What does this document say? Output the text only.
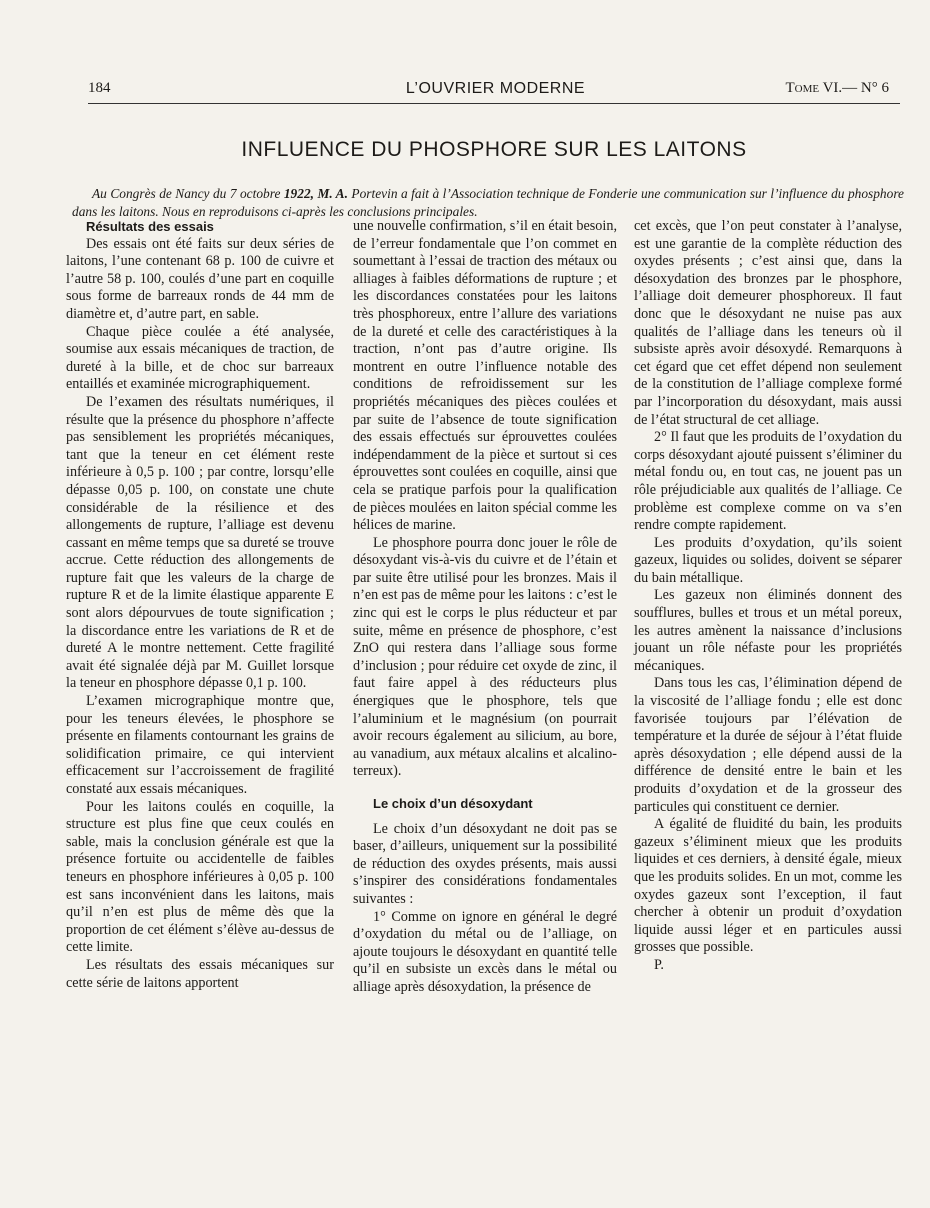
184	L’OUVRIER MODERNE	Tome VI.— N° 6
INFLUENCE DU PHOSPHORE SUR LES LAITONS

Au Congrès de Nancy du 7 octobre 1922, M. A. Portevin a fait à l’Association technique de Fonderie une communication sur l’influence du phosphore dans les laitons. Nous en reproduisons ci-après les conclusions principales.

Résultats des essais

Des essais ont été faits sur deux séries de laitons, l’une contenant 68 p. 100 de cuivre et l’autre 58 p. 100, coulés d’une part en coquille sous forme de barreaux ronds de 44 mm de diamètre et, d’autre part, en sable.

Chaque pièce coulée a été analysée, soumise aux essais mécaniques de traction, de dureté à la bille, et de choc sur barreaux entaillés et examinée micrographiquement.

De l’examen des résultats numériques, il résulte que la présence du phosphore n’affecte pas sensiblement les propriétés mécaniques, tant que la teneur en cet élément reste inférieure à 0,5 p. 100 ; par contre, lorsqu’elle dépasse 0,05 p. 100, on constate une chute considérable de la résilience et des allongements de rupture, l’alliage est devenu cassant en même temps que sa dureté se trouve accrue. Cette réduction des allongements de rupture fait que les valeurs de la charge de rupture R et de la limite élastique apparente E sont alors dépourvues de toute signification ; la discordance entre les variations de R et de dureté A le montre nettement. Cette fragilité avait été signalée déjà par M. Guillet lorsque la teneur en phosphore dépasse 0,1 p. 100.

L’examen micrographique montre que, pour les teneurs élevées, le phosphore se présente en filaments contournant les grains de solidification primaire, ce qui intervient efficacement sur l’accroissement de fragilité constaté aux essais mécaniques.

Pour les laitons coulés en coquille, la structure est plus fine que ceux coulés en sable, mais la conclusion générale est que la présence fortuite ou accidentelle de faibles teneurs en phosphore inférieures à 0,05 p. 100 est sans inconvénient dans les laitons, mais qu’il n’en est plus de même dès que la proportion de cet élément s’élève au-dessus de cette limite.

Les résultats des essais mécaniques sur cette série de laitons apportent

une nouvelle confirmation, s’il en était besoin, de l’erreur fondamentale que l’on commet en soumettant à l’essai de traction des métaux ou alliages à faibles déformations de rupture ; et les discordances constatées pour les laitons très phosphoreux, entre l’allure des variations de la dureté et celle des caractéristiques à la traction, n’ont pas d’autre origine. Ils montrent en outre l’influence notable des conditions de refroidissement sur les propriétés mécaniques des pièces coulées et par suite de l’absence de toute signification des essais effectués sur éprouvettes coulées indépendamment de la pièce et surtout si ces éprouvettes sont coulées en coquille, ainsi que cela se pratique parfois pour la qualification de pièces moulées en laiton spécial comme les hélices de marine.

Le phosphore pourra donc jouer le rôle de désoxydant vis-à-vis du cuivre et de l’étain et par suite être utilisé pour les bronzes. Mais il n’en est pas de même pour les laitons : c’est le zinc qui est le corps le plus réducteur et par suite, même en présence de phosphore, c’est ZnO qui restera dans l’alliage sous forme d’inclusion ; pour réduire cet oxyde de zinc, il faut faire appel à des réducteurs plus énergiques que le phosphore, tels que l’aluminium et le magnésium (on pourrait avoir recours également au silicium, au bore, au vanadium, aux métaux alcalins et alcalino-terreux).

Le choix d’un désoxydant

Le choix d’un désoxydant ne doit pas se baser, d’ailleurs, uniquement sur la possibilité de réduction des oxydes présents, mais aussi s’inspirer des considérations fondamentales suivantes :

1° Comme on ignore en général le degré d’oxydation du métal ou de l’alliage, on ajoute toujours le désoxydant en quantité telle qu’il en subsiste un excès dans le métal ou alliage après désoxydation, la présence de

cet excès, que l’on peut constater à l’analyse, est une garantie de la complète réduction des oxydes présents ; c’est ainsi que, dans la désoxydation des bronzes par le phosphore, l’alliage doit demeurer phosphoreux. Il faut donc que le désoxydant ne nuise pas aux qualités de l’alliage dans les teneurs où il subsiste après avoir désoxydé. Remarquons à cet égard que cet effet dépend non seulement de la constitution de l’alliage complexe formé par l’incorporation du désoxydant, mais aussi de l’état structural de cet alliage.

2° Il faut que les produits de l’oxydation du corps désoxydant ajouté puissent s’éliminer du métal fondu ou, en tout cas, ne jouent pas un rôle préjudiciable aux qualités de l’alliage. Ce problème est complexe comme on va s’en rendre compte rapidement.

Les produits d’oxydation, qu’ils soient gazeux, liquides ou solides, doivent se séparer du bain métallique.

Les gazeux non éliminés donnent des soufflures, bulles et trous et un métal poreux, les autres amènent la naissance d’inclusions jouant un rôle néfaste pour les propriétés mécaniques.

Dans tous les cas, l’élimination dépend de la viscosité de l’alliage fondu ; elle est donc favorisée toujours par l’élévation de température et la durée de séjour à l’état fluide après désoxydation ; elle dépend aussi de la différence de densité entre le bain et les produits d’oxydation et de la grosseur des particules qui constituent ce dernier.

A égalité de fluidité du bain, les produits gazeux s’éliminent mieux que les produits liquides et ces derniers, à densité égale, mieux que les produits solides. En un mot, comme les oxydes gazeux sont l’exception, il faut chercher à obtenir un produit d’oxydation liquide aussi léger et en particules aussi grosses que possible.

P.
